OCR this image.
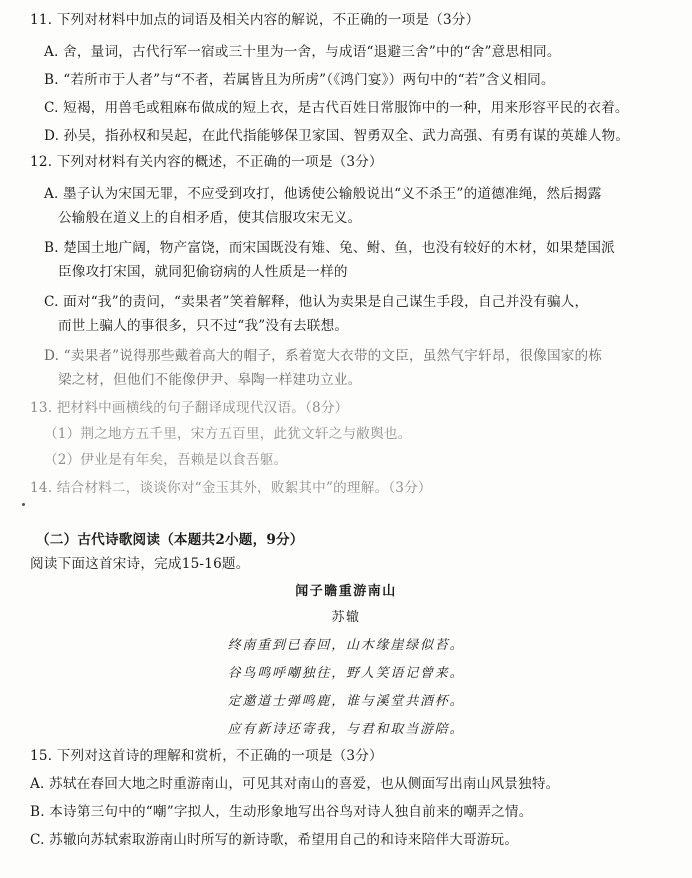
11. 下列对材料中加点的词语及相关内容的解说，不正确的一项是（3分）
A. 舍，量词，古代行军一宿或三十里为一舍，与成语“退避三舍”中的“舍”意思相同。
B. “若所市于人者”与“不者，若属皆且为所虏”（《鸿门宴》）两句中的“若”含义相同。
C. 短褐，用兽毛或粗麻布做成的短上衣，是古代百姓日常服饰中的一种，用来形容平民的衣着。
D. 孙吴，指孙权和吴起，在此代指能够保卫家国、智勇双全、武力高强、有勇有谋的英雄人物。
12. 下列对材料有关内容的概述，不正确的一项是（3分）
A. 墨子认为宋国无罪，不应受到攻打，他诱使公输般说出“义不杀王”的道德准绳，然后揭露
公输般在道义上的自相矛盾，使其信服攻宋无义。
B. 楚国土地广阔，物产富饶，而宋国既没有雉、兔、鲋、鱼，也没有较好的木材，如果楚国派
臣像攻打宋国，就同犯偷窃病的人性质是一样的
C. 面对“我”的责问，“卖果者”笑着解释，他认为卖果是自己谋生手段，自己并没有骗人，
而世上骗人的事很多，只不过“我”没有去联想。
D. “卖果者”说得那些戴着高大的帽子，系着宽大衣带的文臣，虽然气宇轩昂，很像国家的栋
梁之材，但他们不能像伊尹、皋陶一样建功立业。
13. 把材料中画横线的句子翻译成现代汉语。（8分）
（1）荆之地方五千里，宋方五百里，此犹文轩之与敝舆也。
（2）伊业是有年矣，吾赖是以食吾躯。
14. 结合材料二，谈谈你对“金玉其外，败絮其中”的理解。（3分）
（二）古代诗歌阅读（本题共2小题，9分）
阅读下面这首宋诗，完成15-16题。
闻子瞻重游南山
苏辙
终南重到已春回，山木缘崖绿似苔。
谷鸟鸣呼嘲独往，野人笑语记曾来。
定邀道士弹鸣鹿，谁与溪堂共酒杯。
应有新诗还寄我，与君和取当游陪。
15. 下列对这首诗的理解和赏析，不正确的一项是（3分）
A. 苏轼在春回大地之时重游南山，可见其对南山的喜爱，也从侧面写出南山风景独特。
B. 本诗第三句中的“嘲”字拟人，生动形象地写出谷鸟对诗人独自前来的嘲弄之情。
C. 苏辙向苏轼索取游南山时所写的新诗歌，希望用自己的和诗来陪伴大哥游玩。
